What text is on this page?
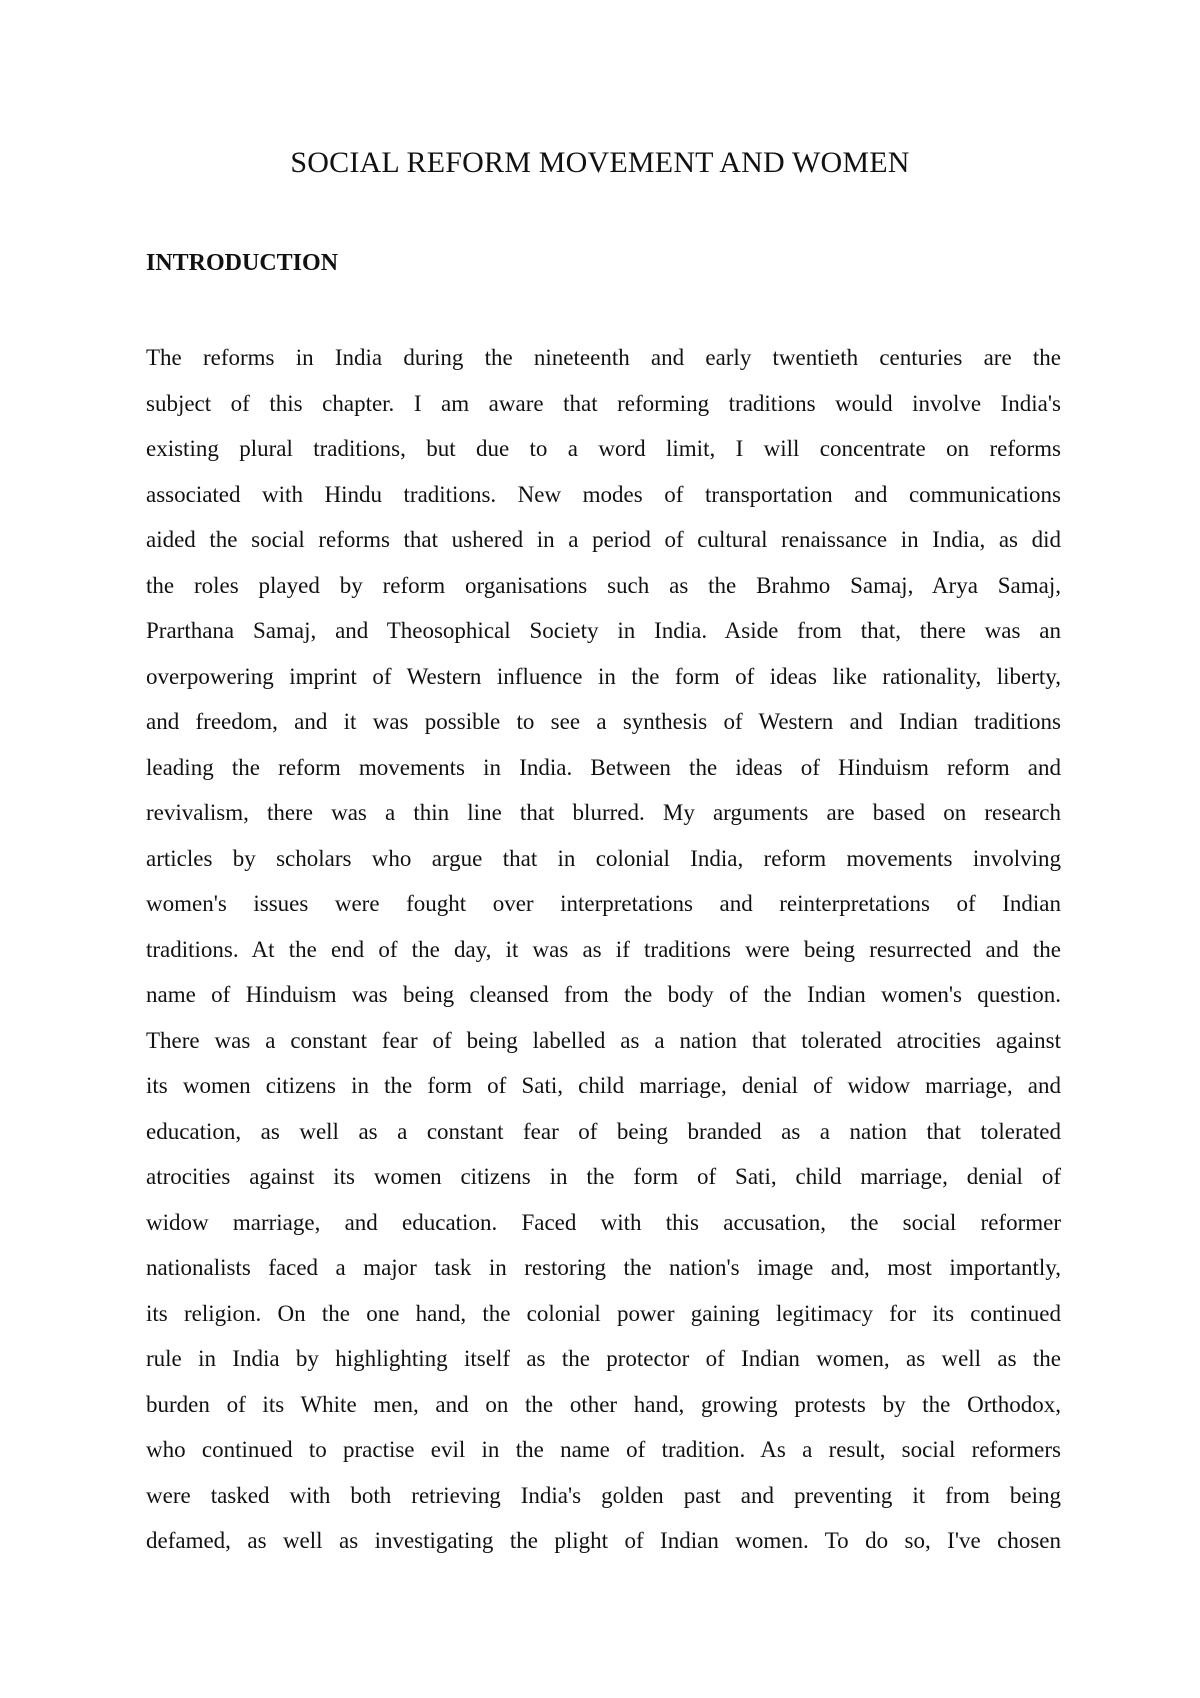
SOCIAL REFORM MOVEMENT AND WOMEN
INTRODUCTION
The reforms in India during the nineteenth and early twentieth centuries are the
subject of this chapter. I am aware that reforming traditions would involve India's
existing plural traditions, but due to a word limit, I will concentrate on reforms
associated with Hindu traditions. New modes of transportation and communications
aided the social reforms that ushered in a period of cultural renaissance in India, as did
the roles played by reform organisations such as the Brahmo Samaj, Arya Samaj,
Prarthana Samaj, and Theosophical Society in India. Aside from that, there was an
overpowering imprint of Western influence in the form of ideas like rationality, liberty,
and freedom, and it was possible to see a synthesis of Western and Indian traditions
leading the reform movements in India. Between the ideas of Hinduism reform and
revivalism, there was a thin line that blurred. My arguments are based on research
articles by scholars who argue that in colonial India, reform movements involving
women's issues were fought over interpretations and reinterpretations of Indian
traditions. At the end of the day, it was as if traditions were being resurrected and the
name of Hinduism was being cleansed from the body of the Indian women's question.
There was a constant fear of being labelled as a nation that tolerated atrocities against
its women citizens in the form of Sati, child marriage, denial of widow marriage, and
education, as well as a constant fear of being branded as a nation that tolerated
atrocities against its women citizens in the form of Sati, child marriage, denial of
widow marriage, and education. Faced with this accusation, the social reformer
nationalists faced a major task in restoring the nation's image and, most importantly,
its religion. On the one hand, the colonial power gaining legitimacy for its continued
rule in India by highlighting itself as the protector of Indian women, as well as the
burden of its White men, and on the other hand, growing protests by the Orthodox,
who continued to practise evil in the name of tradition. As a result, social reformers
were tasked with both retrieving India's golden past and preventing it from being
defamed, as well as investigating the plight of Indian women. To do so, I've chosen
